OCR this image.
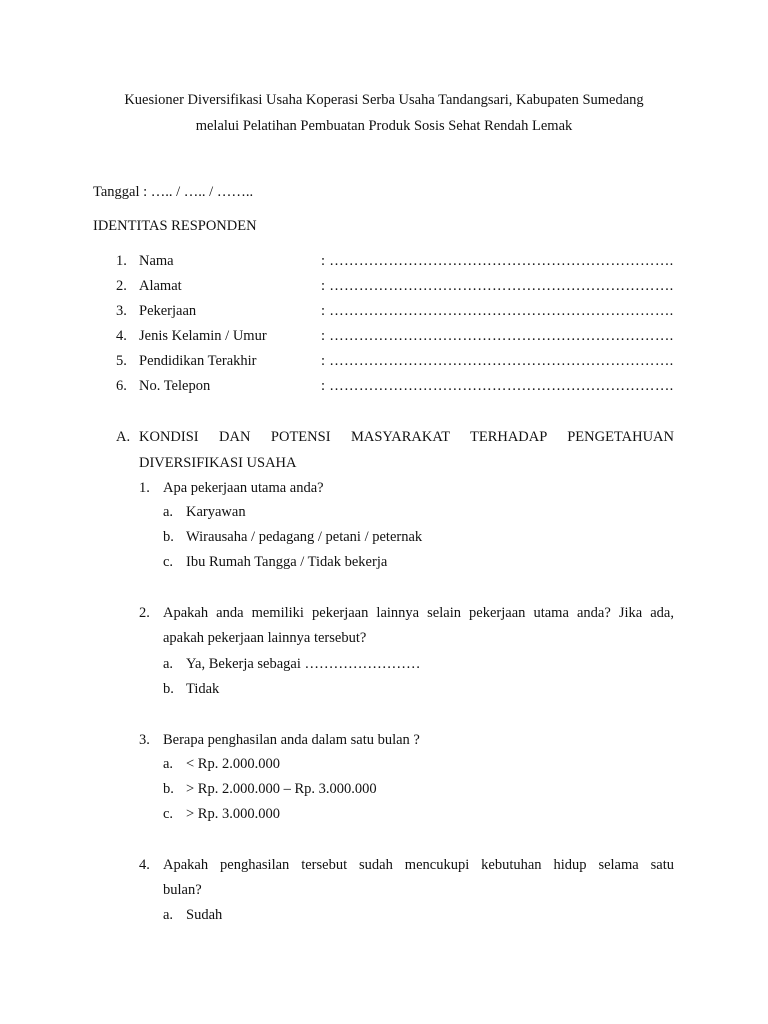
Kuesioner Diversifikasi Usaha Koperasi Serba Usaha Tandangsari, Kabupaten Sumedang
melalui Pelatihan Pembuatan Produk Sosis Sehat Rendah Lemak
Tanggal : ….. / ….. / ……..
IDENTITAS RESPONDEN
1. Nama	: …………………………………………………………….
2. Alamat	: …………………………………………………………….
3. Pekerjaan	: …………………………………………………………….
4. Jenis Kelamin / Umur	: …………………………………………………………….
5. Pendidikan Terakhir	: …………………………………………………………….
6. No. Telepon	: …………………………………………………………….
A. KONDISI DAN POTENSI MASYARAKAT TERHADAP PENGETAHUAN
DIVERSIFIKASI USAHA
1. Apa pekerjaan utama anda?
a. Karyawan
b. Wirausaha / pedagang / petani / peternak
c. Ibu Rumah Tangga / Tidak bekerja
2. Apakah anda memiliki pekerjaan lainnya selain pekerjaan utama anda? Jika ada,
apakah pekerjaan lainnya tersebut?
a. Ya, Bekerja sebagai ……………………
b. Tidak
3. Berapa penghasilan anda dalam satu bulan ?
a. < Rp. 2.000.000
b. > Rp. 2.000.000 – Rp. 3.000.000
c. > Rp. 3.000.000
4. Apakah penghasilan tersebut sudah mencukupi kebutuhan hidup selama satu
bulan?
a. Sudah
